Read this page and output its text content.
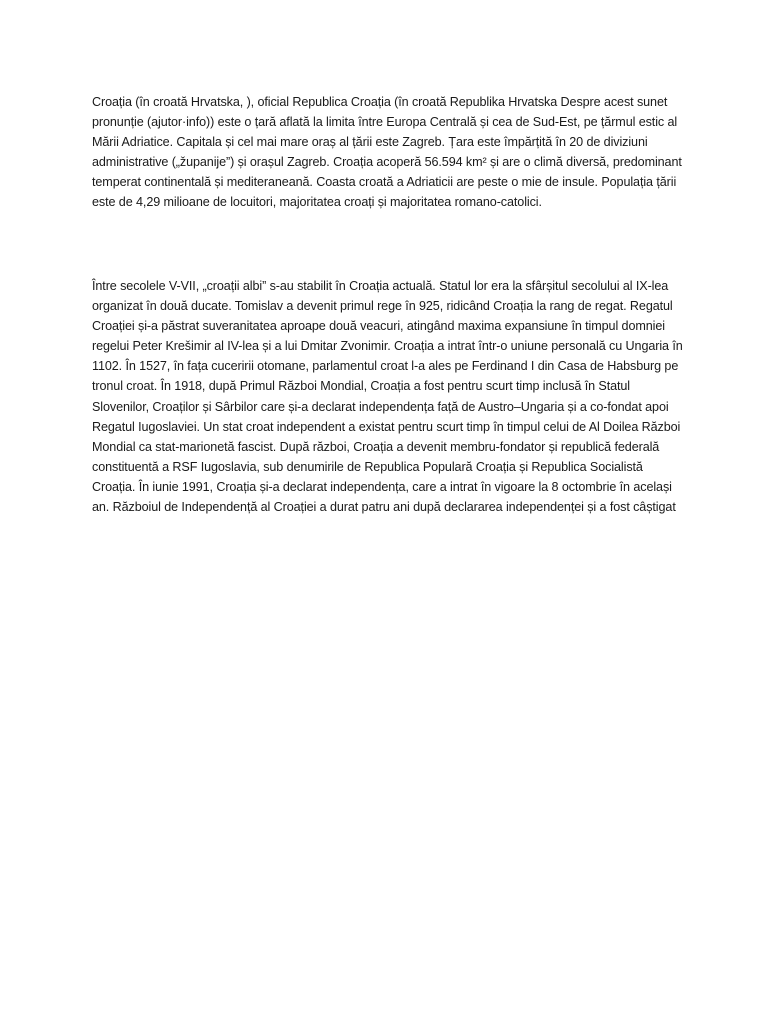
Croația (în croată Hrvatska, ), oficial Republica Croația (în croată Republika Hrvatska Despre acest sunet pronunție (ajutor·info)) este o țară aflată la limita între Europa Centrală și cea de Sud-Est, pe țărmul estic al Mării Adriatice. Capitala și cel mai mare oraș al țării este Zagreb. Țara este împărțită în 20 de diviziuni administrative („županije”) și orașul Zagreb. Croația acoperă 56.594 km² și are o climă diversă, predominant temperat continentală și mediteraneană. Coasta croată a Adriaticii are peste o mie de insule. Populația țării este de 4,29 milioane de locuitori, majoritatea croați și majoritatea romano-catolici.

Între secolele V-VII, „croații albi” s-au stabilit în Croația actuală. Statul lor era la sfârșitul secolului al IX-lea organizat în două ducate. Tomislav a devenit primul rege în 925, ridicând Croația la rang de regat. Regatul Croației și-a păstrat suveranitatea aproape două veacuri, atingând maxima expansiune în timpul domniei regelui Peter Krešimir al IV-lea și a lui Dmitar Zvonimir. Croația a intrat într-o uniune personală cu Ungaria în 1102. În 1527, în fața cuceririi otomane, parlamentul croat l-a ales pe Ferdinand I din Casa de Habsburg pe tronul croat. În 1918, după Primul Război Mondial, Croația a fost pentru scurt timp inclusă în Statul Slovenilor, Croaților și Sârbilor care și-a declarat independența față de Austro–Ungaria și a co-fondat apoi Regatul Iugoslaviei. Un stat croat independent a existat pentru scurt timp în timpul celui de Al Doilea Război Mondial ca stat-marionetă fascist. După război, Croația a devenit membru-fondator și republică federală constituentă a RSF Iugoslavia, sub denumirile de Republica Populară Croația și Republica Socialistă Croația. În iunie 1991, Croația și-a declarat independența, care a intrat în vigoare la 8 octombrie în același an. Războiul de Independență al Croației a durat patru ani după declararea independenței și a fost câștigat
